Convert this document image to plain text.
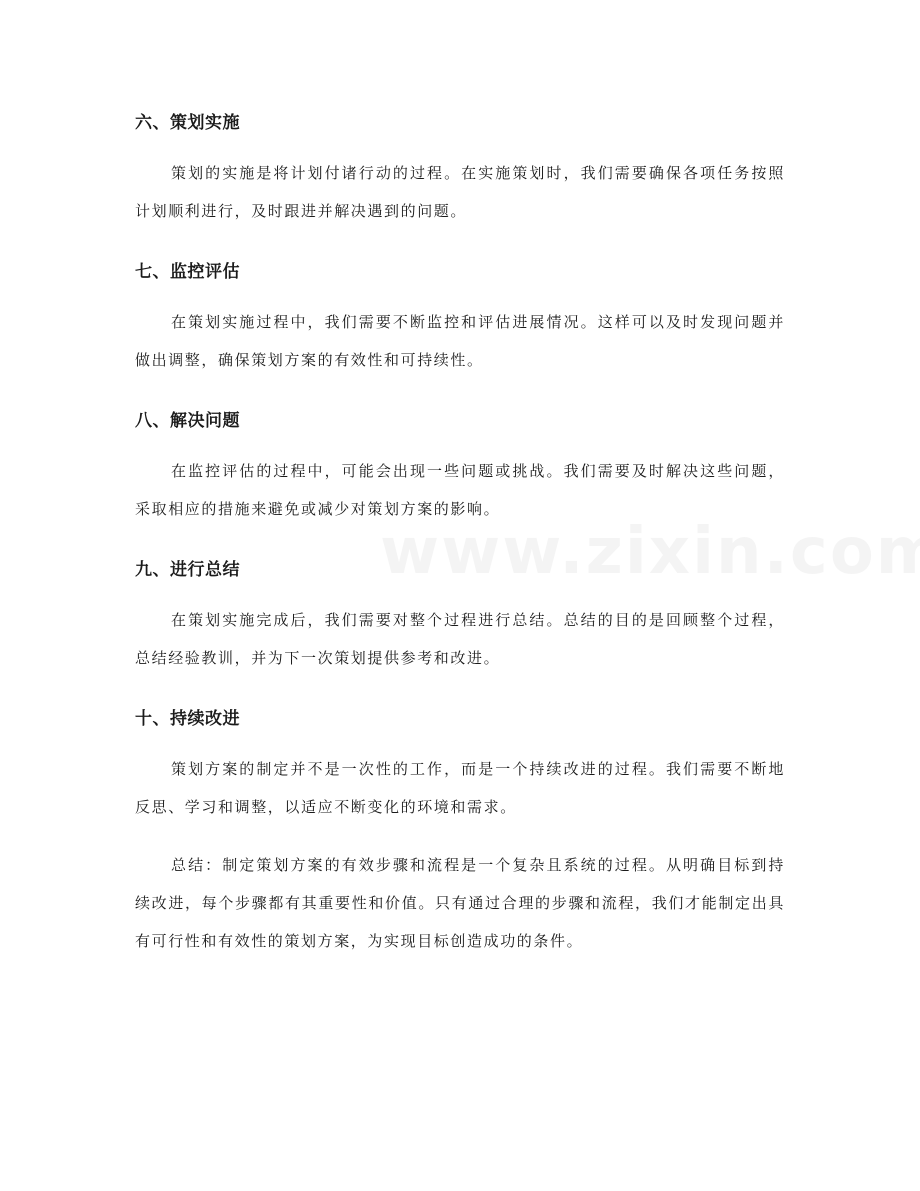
六、策划实施

策划的实施是将计划付诸行动的过程。在实施策划时，我们需要确保各项任务按照计划顺利进行，及时跟进并解决遇到的问题。

七、监控评估

在策划实施过程中，我们需要不断监控和评估进展情况。这样可以及时发现问题并做出调整，确保策划方案的有效性和可持续性。

八、解决问题

在监控评估的过程中，可能会出现一些问题或挑战。我们需要及时解决这些问题，采取相应的措施来避免或减少对策划方案的影响。

九、进行总结

在策划实施完成后，我们需要对整个过程进行总结。总结的目的是回顾整个过程，总结经验教训，并为下一次策划提供参考和改进。

十、持续改进

策划方案的制定并不是一次性的工作，而是一个持续改进的过程。我们需要不断地反思、学习和调整，以适应不断变化的环境和需求。

总结：制定策划方案的有效步骤和流程是一个复杂且系统的过程。从明确目标到持续改进，每个步骤都有其重要性和价值。只有通过合理的步骤和流程，我们才能制定出具有可行性和有效性的策划方案，为实现目标创造成功的条件。
